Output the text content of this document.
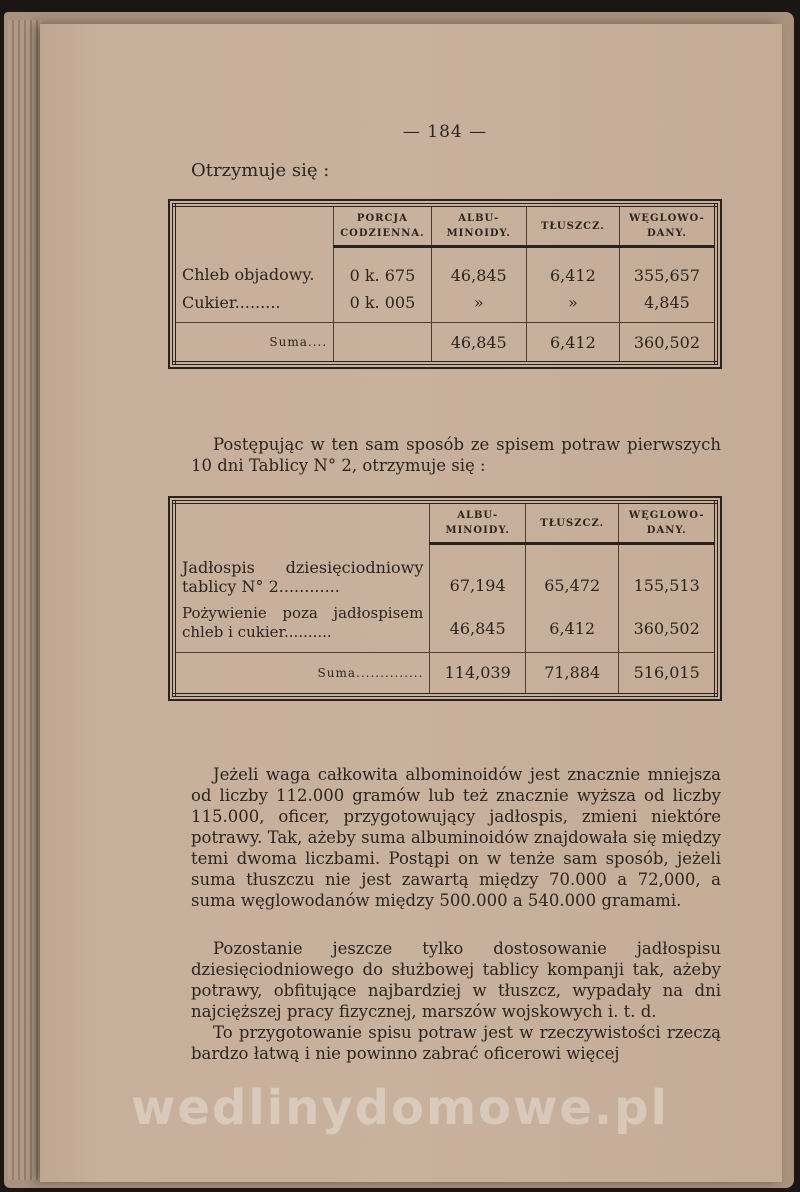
— 184 —
Otrzymuje się :
	PORCJA CODZIENNA.	ALBU-MINOIDY.	TŁUSZCZ.	WĘGLOWO-DANY.
Chleb objadowy.	0 k. 675	46,845	6,412	355,657
Cukier.........	0 k. 005	»	»	4,845
Suma....		46,845	6,412	360,502

Postępując w ten sam sposób ze spisem potraw pierwszych 10 dni Tablicy N° 2, otrzymuje się :

	ALBU-MINOIDY.	TŁUSZCZ.	WĘGLOWO-DANY.
Jadłospis dziesięciodniowy tablicy N° 2............	67,194	65,472	155,513
Pożywienie poza jadłospisem chleb i cukier..........	46,845	6,412	360,502
Suma..............	114,039	71,884	516,015

Jeżeli waga całkowita albominoidów jest znacznie mniejsza od liczby 112.000 gramów lub też znacznie wyższa od liczby 115.000, oficer, przygotowujący jadłospis, zmieni niektóre potrawy. Tak, ażeby suma albuminoidów znajdowała się między temi dwoma liczbami. Postąpi on w tenże sam sposób, jeżeli suma tłuszczu nie jest zawartą między 70.000 a 72,000, a suma węglowodanów między 500.000 a 540.000 gramami.

Pozostanie jeszcze tylko dostosowanie jadłospisu dziesięciodniowego do służbowej tablicy kompanji tak, ażeby potrawy, obfitujące najbardziej w tłuszcz, wypadały na dni najcięższej pracy fizycznej, marszów wojskowych i. t. d.

To przygotowanie spisu potraw jest w rzeczywistości rzeczą bardzo łatwą i nie powinno zabrać oficerowi więcej

wedlinydomowe.pl
